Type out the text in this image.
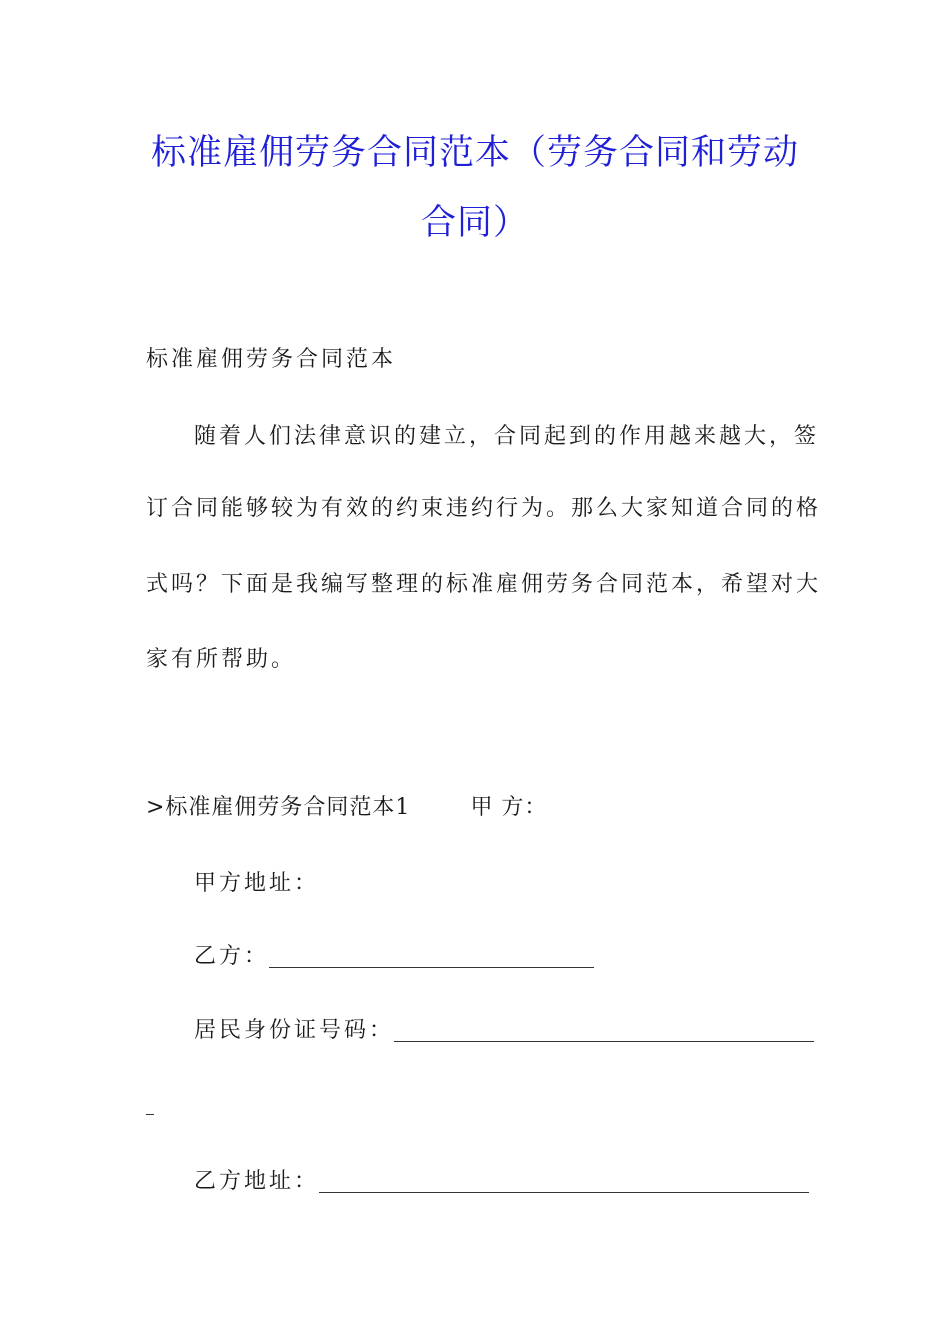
标准雇佣劳务合同范本（劳务合同和劳动
合同）
标准雇佣劳务合同范本
随着人们法律意识的建立，合同起到的作用越来越大，签
订合同能够较为有效的约束违约行为。那么大家知道合同的格
式吗？下面是我编写整理的标准雇佣劳务合同范本，希望对大
家有所帮助。
>标准雇佣劳务合同范本1	甲 方：
甲方地址：
乙方：
居民身份证号码：
乙方地址：
